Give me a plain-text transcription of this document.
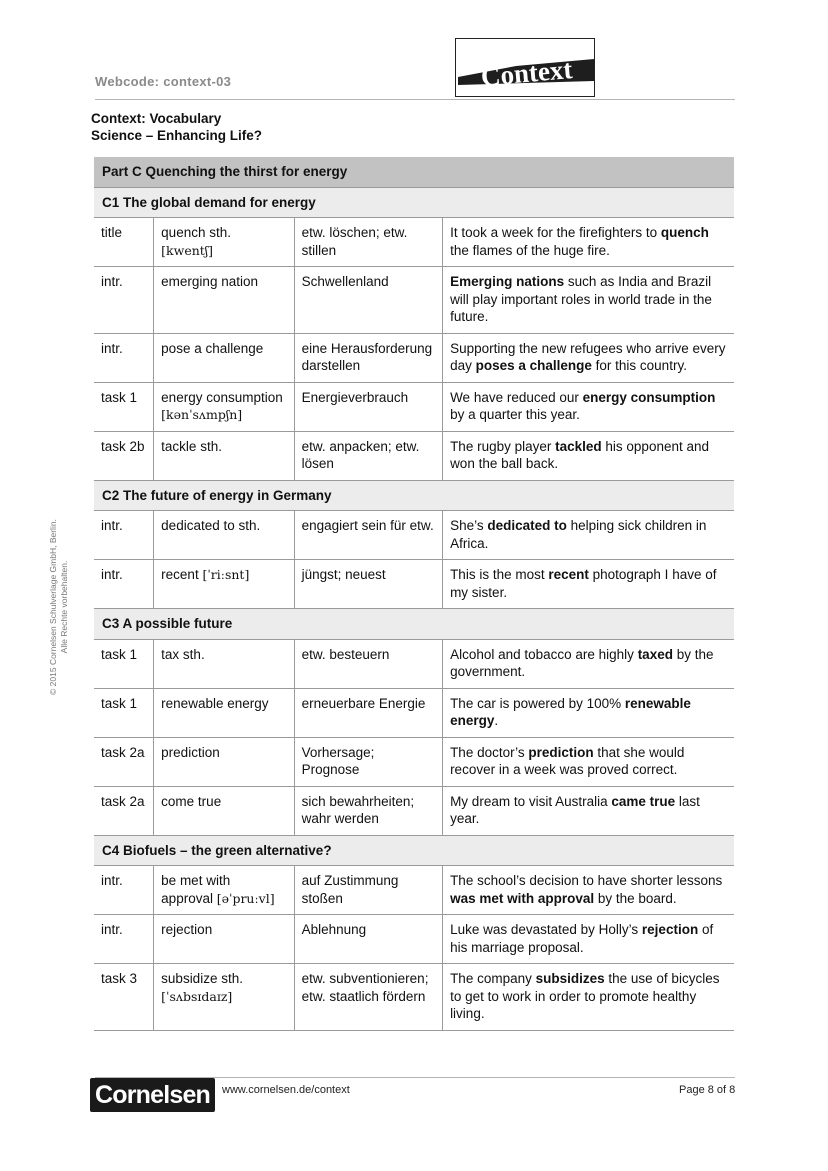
Webcode: context-03	Context
Context: Vocabulary
Science – Enhancing Life?
Part C Quenching the thirst for energy			
C1 The global demand for energy			
title	quench sth. [kwentʃ]	etw. löschen; etw. stillen	It took a week for the firefighters to quench the flames of the huge fire.
intr.	emerging nation	Schwellenland	Emerging nations such as India and Brazil will play important roles in world trade in the future.
intr.	pose a challenge	eine Herausforderung darstellen	Supporting the new refugees who arrive every day poses a challenge for this country.
task 1	energy consumption [kənˈsʌmpʃn]	Energieverbrauch	We have reduced our energy consumption by a quarter this year.
task 2b	tackle sth.	etw. anpacken; etw. lösen	The rugby player tackled his opponent and won the ball back.
C2 The future of energy in Germany			
intr.	dedicated to sth.	engagiert sein für etw.	She’s dedicated to helping sick children in Africa.
intr.	recent [ˈriːsnt]	jüngst; neuest	This is the most recent photograph I have of my sister.
C3 A possible future			
task 1	tax sth.	etw. besteuern	Alcohol and tobacco are highly taxed by the government.
task 1	renewable energy	erneuerbare Energie	The car is powered by 100% renewable energy.
task 2a	prediction	Vorhersage; Prognose	The doctor’s prediction that she would recover in a week was proved correct.
task 2a	come true	sich bewahrheiten; wahr werden	My dream to visit Australia came true last year.
C4 Biofuels – the green alternative?			
intr.	be met with approval [əˈpruːvl]	auf Zustimmung stoßen	The school’s decision to have shorter lessons was met with approval by the board.
intr.	rejection	Ablehnung	Luke was devastated by Holly’s rejection of his marriage proposal.
task 3	subsidize sth. [ˈsʌbsɪdaɪz]	etw. subventionieren; etw. staatlich fördern	The company subsidizes the use of bicycles to get to work in order to promote healthy living.
© 2015 Cornelsen Schulverlage GmbH, Berlin. Alle Rechte vorbehalten.
Cornelsen	www.cornelsen.de/context	Page 8 of 8
